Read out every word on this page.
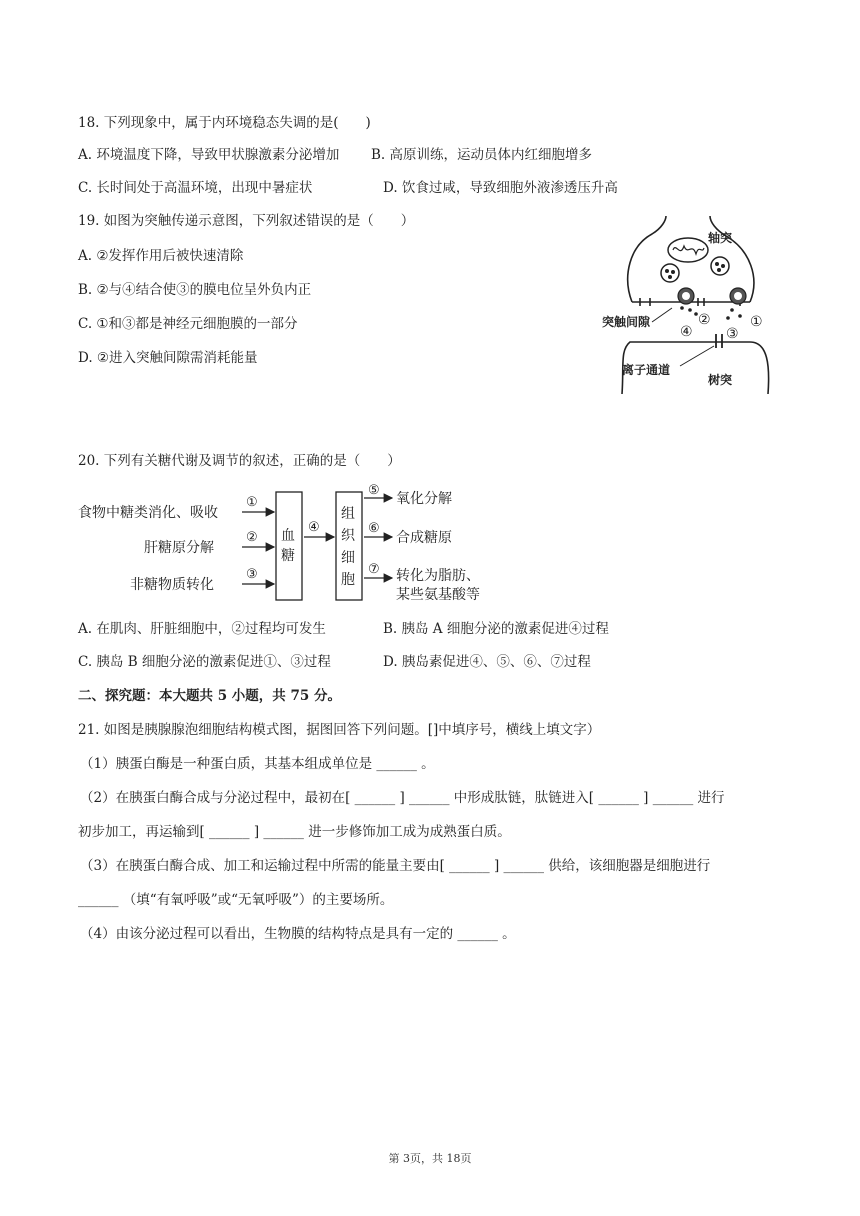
18. 下列现象中，属于内环境稳态失调的是(　　)
A. 环境温度下降，导致甲状腺激素分泌增加 B. 高原训练，运动员体内红细胞增多
C. 长时间处于高温环境，出现中暑症状	D. 饮食过咸，导致细胞外液渗透压升高
19. 如图为突触传递示意图，下列叙述错误的是（　　）
A. ②发挥作用后被快速清除
B. ②与④结合使③的膜电位呈外负内正
C. ①和③都是神经元细胞膜的一部分
D. ②进入突触间隙需消耗能量
轴突
突触间隙
离子通道
树突
②	①
④ ③
20. 下列有关糖代谢及调节的叙述，正确的是（　　）
食物中糖类消化、吸收
肝糖原分解
非糖物质转化
①
②
③
血
糖
④
组
织
细
胞
⑤
⑥
⑦
氧化分解
合成糖原
转化为脂肪、
某些氨基酸等
A. 在肌肉、肝脏细胞中，②过程均可发生	B. 胰岛 A 细胞分泌的激素促进④过程
C. 胰岛 B 细胞分泌的激素促进①、③过程	D. 胰岛素促进④、⑤、⑥、⑦过程
二、探究题：本大题共 5 小题，共 75 分。
21. 如图是胰腺腺泡细胞结构模式图，据图回答下列问题。[]中填序号，横线上填文字）
（1）胰蛋白酶是一种蛋白质，其基本组成单位是 ______ 。
（2）在胰蛋白酶合成与分泌过程中，最初在[ ______ ] ______ 中形成肽链，肽链进入[ ______ ] ______ 进行
初步加工，再运输到[ ______ ] ______ 进一步修饰加工成为成熟蛋白质。
（3）在胰蛋白酶合成、加工和运输过程中所需的能量主要由[ ______ ] ______ 供给，该细胞器是细胞进行
______ （填“有氧呼吸”或“无氧呼吸”）的主要场所。
（4）由该分泌过程可以看出，生物膜的结构特点是具有一定的 ______ 。
第 3页，共 18页
